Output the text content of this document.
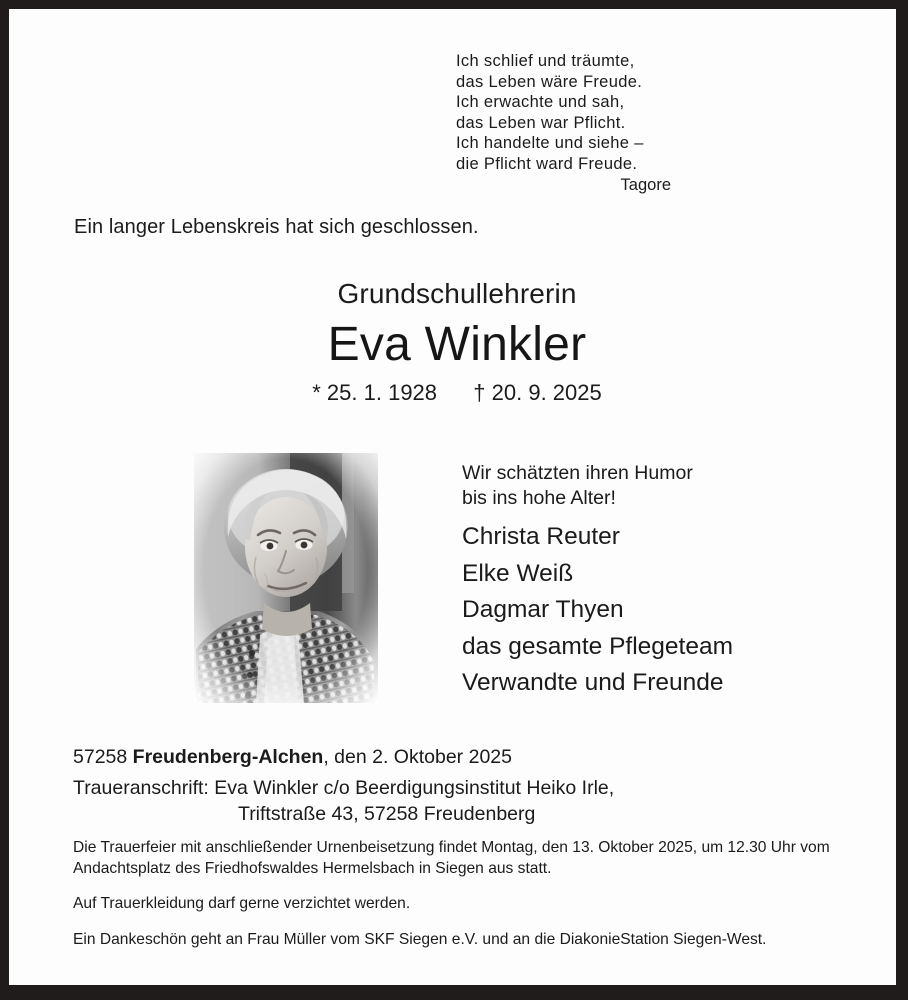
Ich schlief und träumte,
das Leben wäre Freude.
Ich erwachte und sah,
das Leben war Pflicht.
Ich handelte und siehe –
die Pflicht ward Freude.
Tagore
Ein langer Lebenskreis hat sich geschlossen.
Grundschullehrerin
Eva Winkler
* 25. 1. 1928 † 20. 9. 2025
Wir schätzten ihren Humor
bis ins hohe Alter!
Christa Reuter
Elke Weiß
Dagmar Thyen
das gesamte Pflegeteam
Verwandte und Freunde
57258 Freudenberg-Alchen, den 2. Oktober 2025
Traueranschrift: Eva Winkler c/o Beerdigungsinstitut Heiko Irle,
Triftstraße 43, 57258 Freudenberg

Die Trauerfeier mit anschließender Urnenbeisetzung findet Montag, den 13. Oktober 2025, um 12.30 Uhr vom Andachtsplatz des Friedhofswaldes Hermelsbach in Siegen aus statt.

Auf Trauerkleidung darf gerne verzichtet werden.

Ein Dankeschön geht an Frau Müller vom SKF Siegen e.V. und an die DiakonieStation Siegen-West.
